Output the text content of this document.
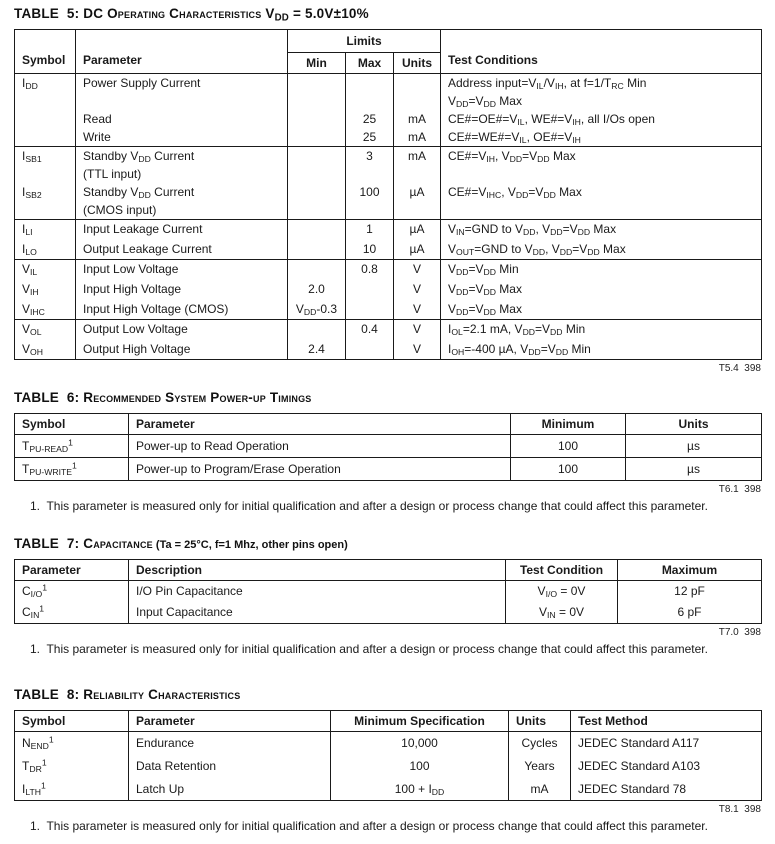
TABLE  5: DC Operating Characteristics $V_{DD} = 5.0V\pm 10\%$
Symbol	Parameter	Limits			Test Conditions
		Min	Max	Units	
$I_{DD}$	Power Supply Current				Address $input=V_{IL}/V_{IH}$, at $f=1/T_{RC}$ Min
					$V_{DD}=V_{DD}$ Max
	Read		25	mA	$CE\#=OE\#=V_{IL}$, $WE\#=V_{IH}$, all I/Os open
	Write		25	mA	$CE\#=WE\#=V_{IL}$, $OE\#=V_{IH}$
$I_{SB1}$	Standby $V_{DD}$ Current		3	mA	$CE\#=V_{IH}$, $V_{DD}=V_{DD}$ Max
	(TTL input)				
$I_{SB2}$	Standby $V_{DD}$ Current		100	µA	$CE\#=V_{IHC}$, $V_{DD}=V_{DD}$ Max
	(CMOS input)				
$I_{LI}$	Input Leakage Current		1	µA	$V_{IN}=GND$ to $V_{DD}$, $V_{DD}=V_{DD}$ Max
$I_{LO}$	Output Leakage Current		10	µA	$V_{OUT}=GND$ to $V_{DD}$, $V_{DD}=V_{DD}$ Max
$V_{IL}$	Input Low Voltage		0.8	V	$V_{DD}=V_{DD}$ Min
$V_{IH}$	Input High Voltage	2.0		V	$V_{DD}=V_{DD}$ Max
$V_{IHC}$	Input High Voltage (CMOS)	$V_{DD}-0.3$		V	$V_{DD}=V_{DD}$ Max
$V_{OL}$	Output Low Voltage		0.4	V	$I_{OL}=2.1$ mA, $V_{DD}=V_{DD}$ Min
$V_{OH}$	Output High Voltage	2.4		V	$I_{OH}=-400$ µA, $V_{DD}=V_{DD}$ Min
T5.4  398
TABLE  6: Recommended System Power-up Timings
Symbol	Parameter	Minimum	Units
$T_{PU-READ}^1$	Power-up to Read Operation	100	µs
$T_{PU-WRITE}^1$	Power-up to Program/Erase Operation	100	µs
T6.1  398
1.  This parameter is measured only for initial qualification and after a design or process change that could affect this parameter.
TABLE  7: Capacitance (Ta = 25°C, f=1 Mhz, other pins open)
Parameter	Description	Test Condition	Maximum
$C_{I/O}^1$	I/O Pin Capacitance	$V_{I/O} = 0V$	12 pF
$C_{IN}^1$	Input Capacitance	$V_{IN} = 0V$	6 pF
T7.0  398
1.  This parameter is measured only for initial qualification and after a design or process change that could affect this parameter.
TABLE  8: Reliability Characteristics
Symbol	Parameter	Minimum Specification	Units	Test Method
$N_{END}^1$	Endurance	10,000	Cycles	JEDEC Standard A117
$T_{DR}^1$	Data Retention	100	Years	JEDEC Standard A103
$I_{LTH}^1$	Latch Up	$100 + I_{DD}$	mA	JEDEC Standard 78
T8.1  398
1.  This parameter is measured only for initial qualification and after a design or process change that could affect this parameter.
